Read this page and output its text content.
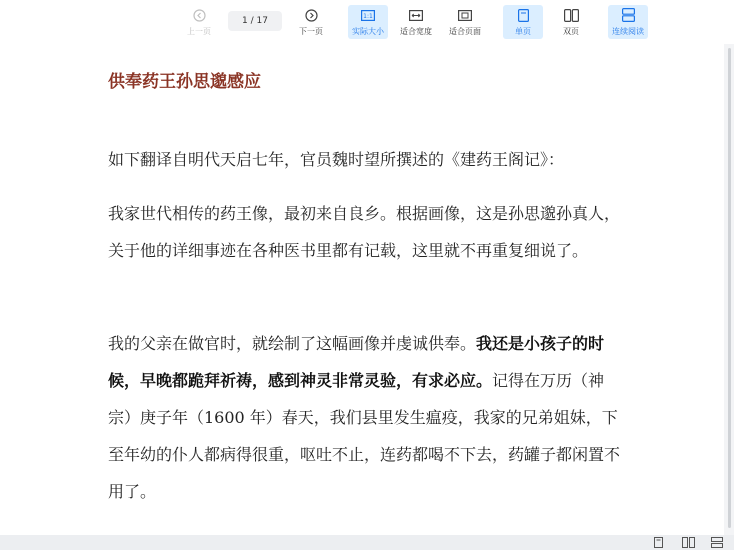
上一页
1 / 17
下一页
1:1
实际大小 适合宽度 适合页面	单页	双页	连续阅读
供奉药王孙思邈感应

如下翻译自明代天启七年，官员魏时望所撰述的《建药王阁记》：

我家世代相传的药王像，最初来自良乡。根据画像，这是孙思邈孙真人，关于他的详细事迹在各种医书里都有记载，这里就不再重复细说了。

我的父亲在做官时，就绘制了这幅画像并虔诚供奉。我还是小孩子的时候，早晚都跪拜祈祷，感到神灵非常灵验，有求必应。记得在万历（神宗）庚子年（1600 年）春天，我们县里发生瘟疫，我家的兄弟姐妹，下至年幼的仆人都病得很重，呕吐不止，连药都喝不下去，药罐子都闲置不用了。
